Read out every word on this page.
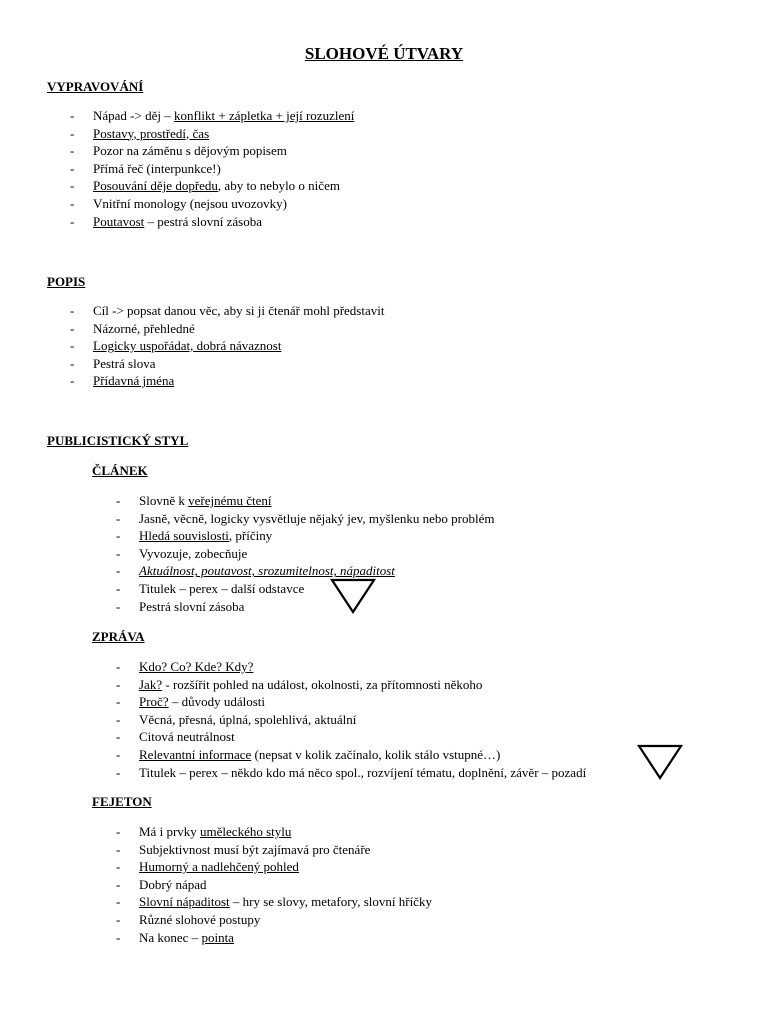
SLOHOVÉ ÚTVARY
VYPRAVOVÁNÍ
- Nápad -> děj – konflikt + zápletka + její rozuzlení
- Postavy, prostředí, čas
- Pozor na záměnu s dějovým popisem
- Přímá řeč (interpunkce!)
- Posouvání děje dopředu, aby to nebylo o ničem
- Vnitřní monology (nejsou uvozovky)
- Poutavost – pestrá slovní zásoba
POPIS
- Cíl -> popsat danou věc, aby si ji čtenář mohl představit
- Názorné, přehledné
- Logicky uspořádat, dobrá návaznost
- Pestrá slova
- Přídavná jména
PUBLICISTICKÝ STYL
ČLÁNEK
- Slovně k veřejnému čtení
- Jasně, věcně, logicky vysvětluje nějaký jev, myšlenku nebo problém
- Hledá souvislosti, příčiny
- Vyvozuje, zobecňuje
- Aktuálnost, poutavost, srozumitelnost, nápaditost
- Titulek – perex – další odstavce
- Pestrá slovní zásoba
ZPRÁVA
- Kdo? Co? Kde? Kdy?
- Jak? - rozšířit pohled na událost, okolnosti, za přítomnosti někoho
- Proč? – důvody události
- Věcná, přesná, úplná, spolehlivá, aktuální
- Citová neutrálnost
- Relevantní informace (nepsat v kolik začínalo, kolik stálo vstupné…)
- Titulek – perex – někdo kdo má něco spol., rozvíjení tématu, doplnění, závěr – pozadí
FEJETON
- Má i prvky uměleckého stylu
- Subjektivnost musí být zajímavá pro čtenáře
- Humorný a nadlehčený pohled
- Dobrý nápad
- Slovní nápaditost – hry se slovy, metafory, slovní hříčky
- Různé slohové postupy
- Na konec – pointa
